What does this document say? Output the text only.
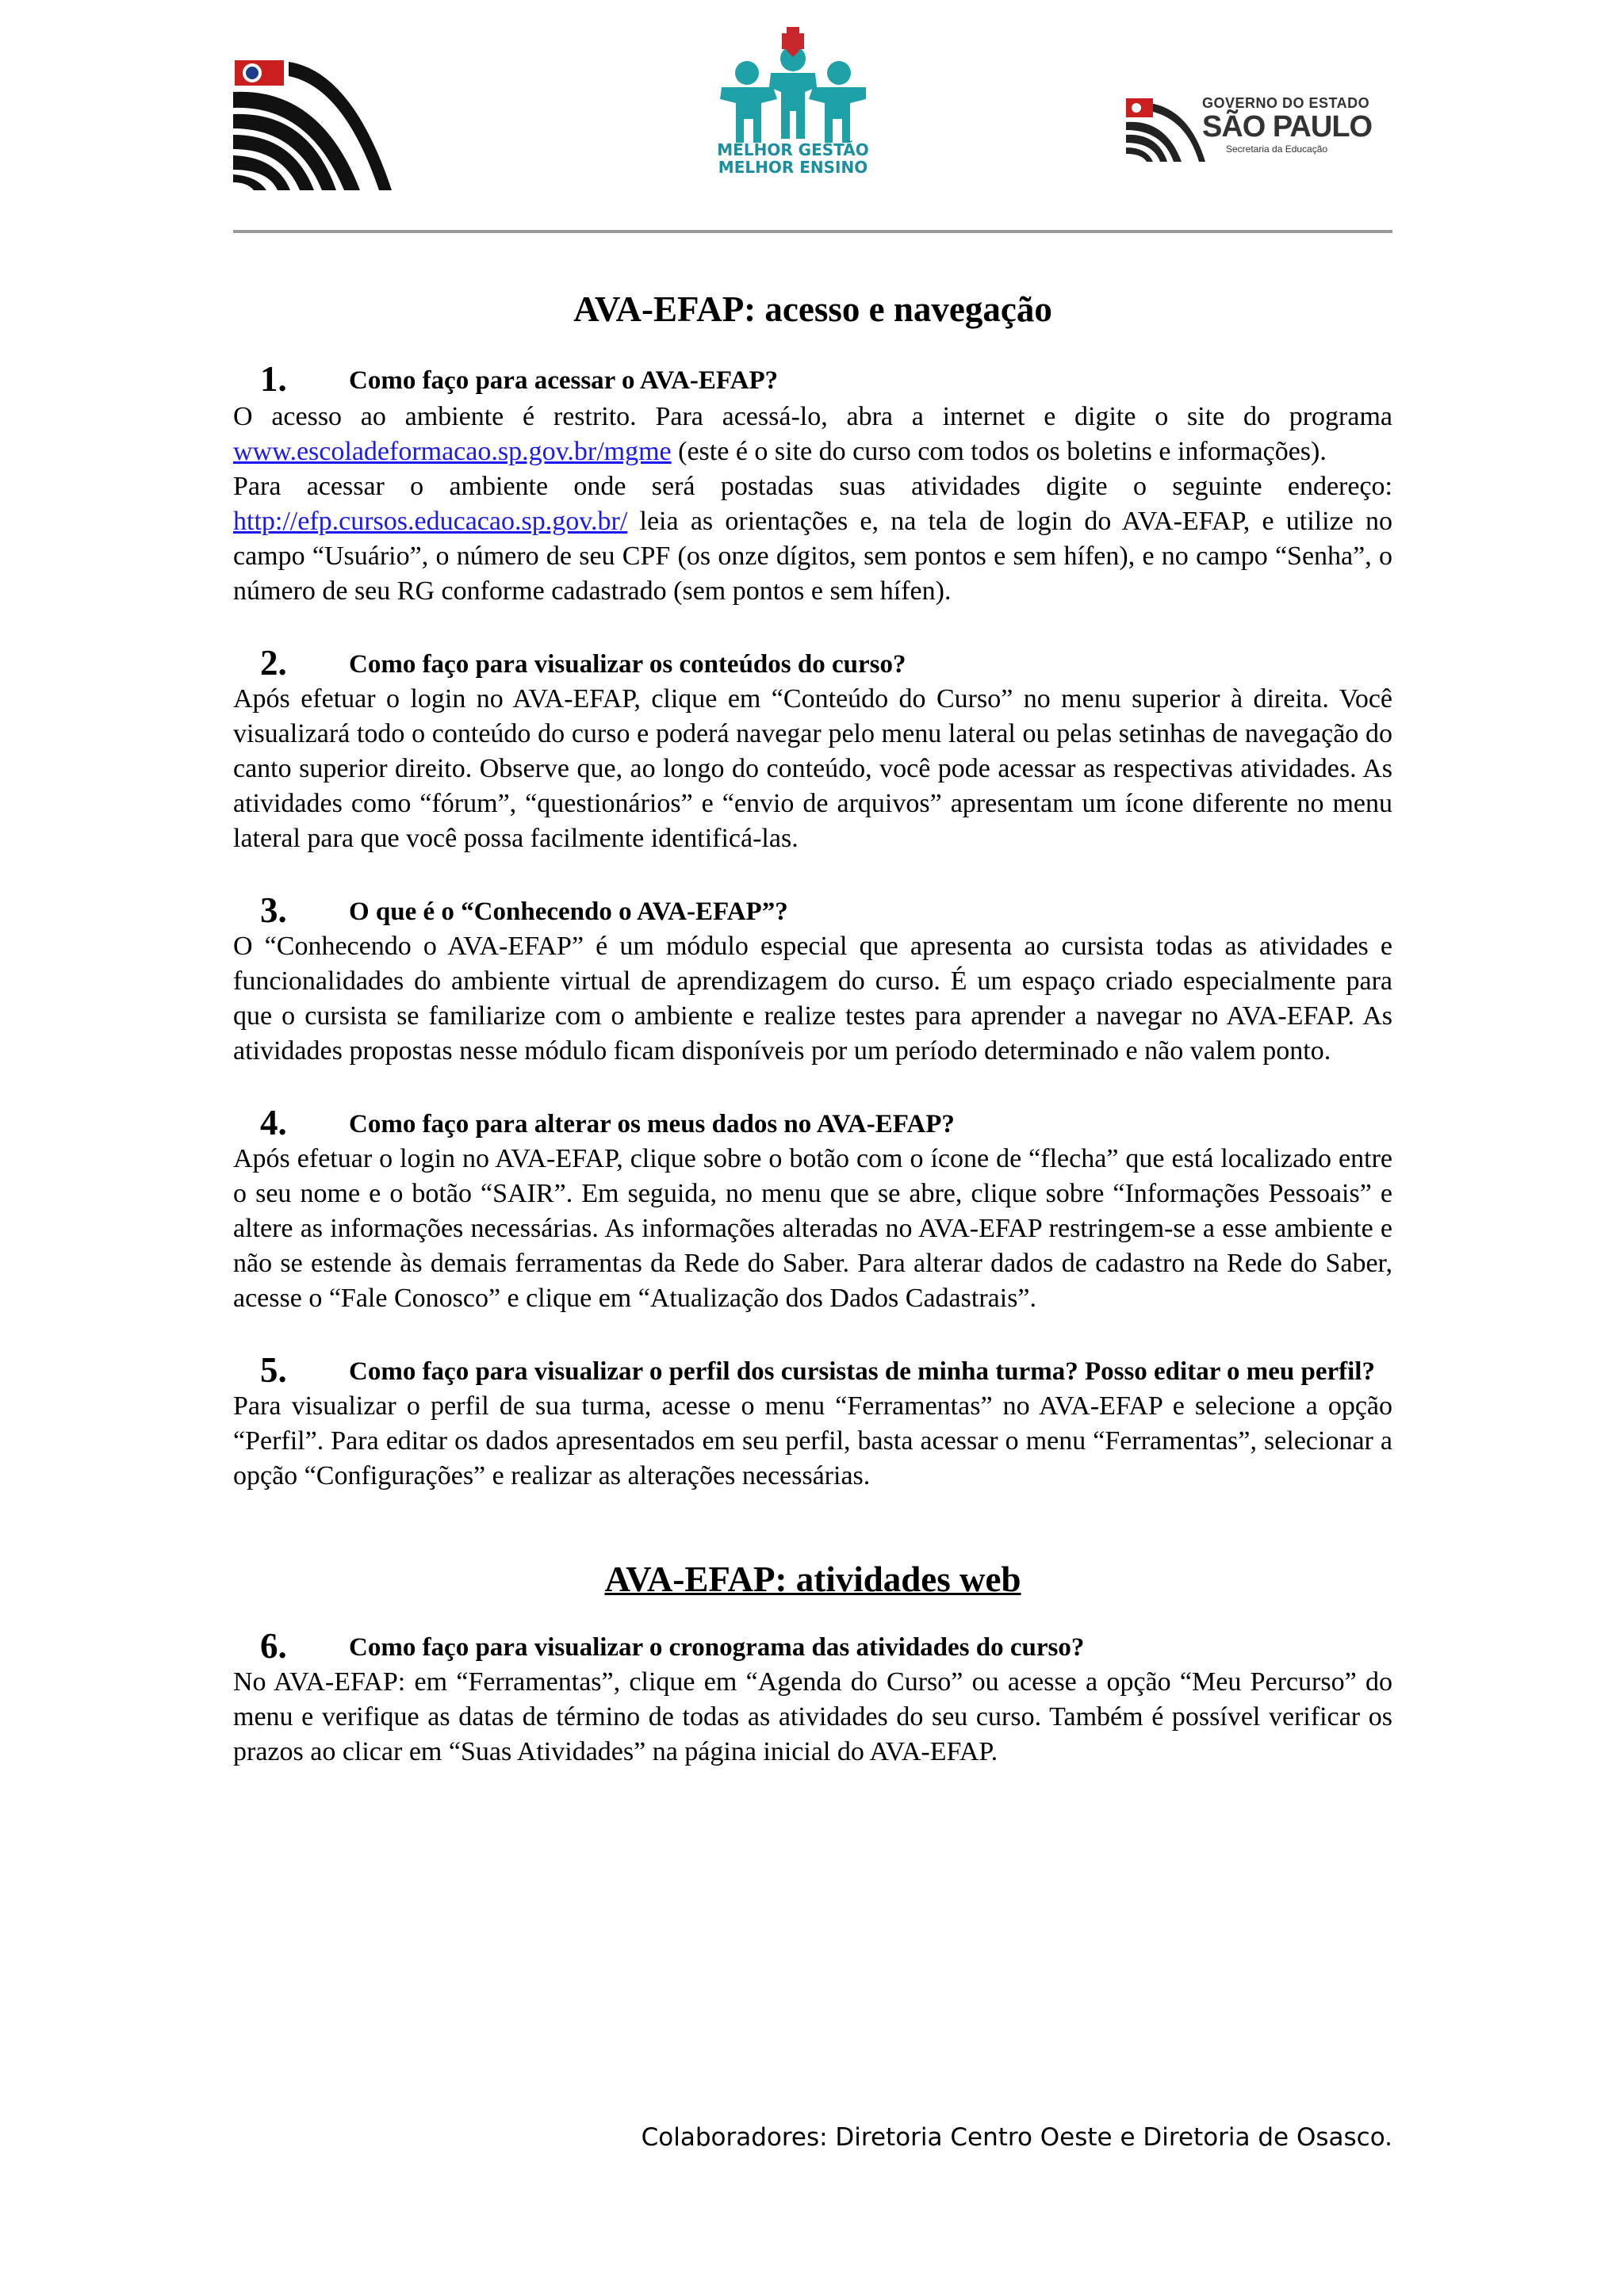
MELHOR GESTÃO
MELHOR ENSINO
GOVERNO DO ESTADO
SÃO PAULO
Secretaria da Educação
AVA-EFAP: acesso e navegação
1.	Como faço para acessar o AVA-EFAP?

O acesso ao ambiente é restrito. Para acessá-lo, abra a internet e digite o site do programa www.escoladeformacao.sp.gov.br/mgme (este é o site do curso com todos os boletins e informações).

Para acessar o ambiente onde será postadas suas atividades digite o seguinte endereço: http://efp.cursos.educacao.sp.gov.br/ leia as orientações e, na tela de login do AVA-EFAP, e utilize no campo “Usuário”, o número de seu CPF (os onze dígitos, sem pontos e sem hífen), e no campo “Senha”, o número de seu RG conforme cadastrado (sem pontos e sem hífen).

2.	Como faço para visualizar os conteúdos do curso?

Após efetuar o login no AVA-EFAP, clique em “Conteúdo do Curso” no menu superior à direita. Você visualizará todo o conteúdo do curso e poderá navegar pelo menu lateral ou pelas setinhas de navegação do canto superior direito. Observe que, ao longo do conteúdo, você pode acessar as respectivas atividades. As atividades como “fórum”, “questionários” e “envio de arquivos” apresentam um ícone diferente no menu lateral para que você possa facilmente identificá-las.

3.	O que é o “Conhecendo o AVA-EFAP”?

O “Conhecendo o AVA-EFAP” é um módulo especial que apresenta ao cursista todas as atividades e funcionalidades do ambiente virtual de aprendizagem do curso. É um espaço criado especialmente para que o cursista se familiarize com o ambiente e realize testes para aprender a navegar no AVA-EFAP. As atividades propostas nesse módulo ficam disponíveis por um período determinado e não valem ponto.

4.	Como faço para alterar os meus dados no AVA-EFAP?

Após efetuar o login no AVA-EFAP, clique sobre o botão com o ícone de “flecha” que está localizado entre o seu nome e o botão “SAIR”. Em seguida, no menu que se abre, clique sobre “Informações Pessoais” e altere as informações necessárias. As informações alteradas no AVA-EFAP restringem-se a esse ambiente e não se estende às demais ferramentas da Rede do Saber. Para alterar dados de cadastro na Rede do Saber, acesse o “Fale Conosco” e clique em “Atualização dos Dados Cadastrais”.

5.	Como faço para visualizar o perfil dos cursistas de minha turma? Posso editar o meu perfil?

Para visualizar o perfil de sua turma, acesse o menu “Ferramentas” no AVA-EFAP e selecione a opção “Perfil”. Para editar os dados apresentados em seu perfil, basta acessar o menu “Ferramentas”, selecionar a opção “Configurações” e realizar as alterações necessárias.

AVA-EFAP: atividades web
6.	Como faço para visualizar o cronograma das atividades do curso?

No AVA-EFAP: em “Ferramentas”, clique em “Agenda do Curso” ou acesse a opção “Meu Percurso” do menu e verifique as datas de término de todas as atividades do seu curso. Também é possível verificar os prazos ao clicar em “Suas Atividades” na página inicial do AVA-EFAP.

Colaboradores: Diretoria Centro Oeste e Diretoria de Osasco.
